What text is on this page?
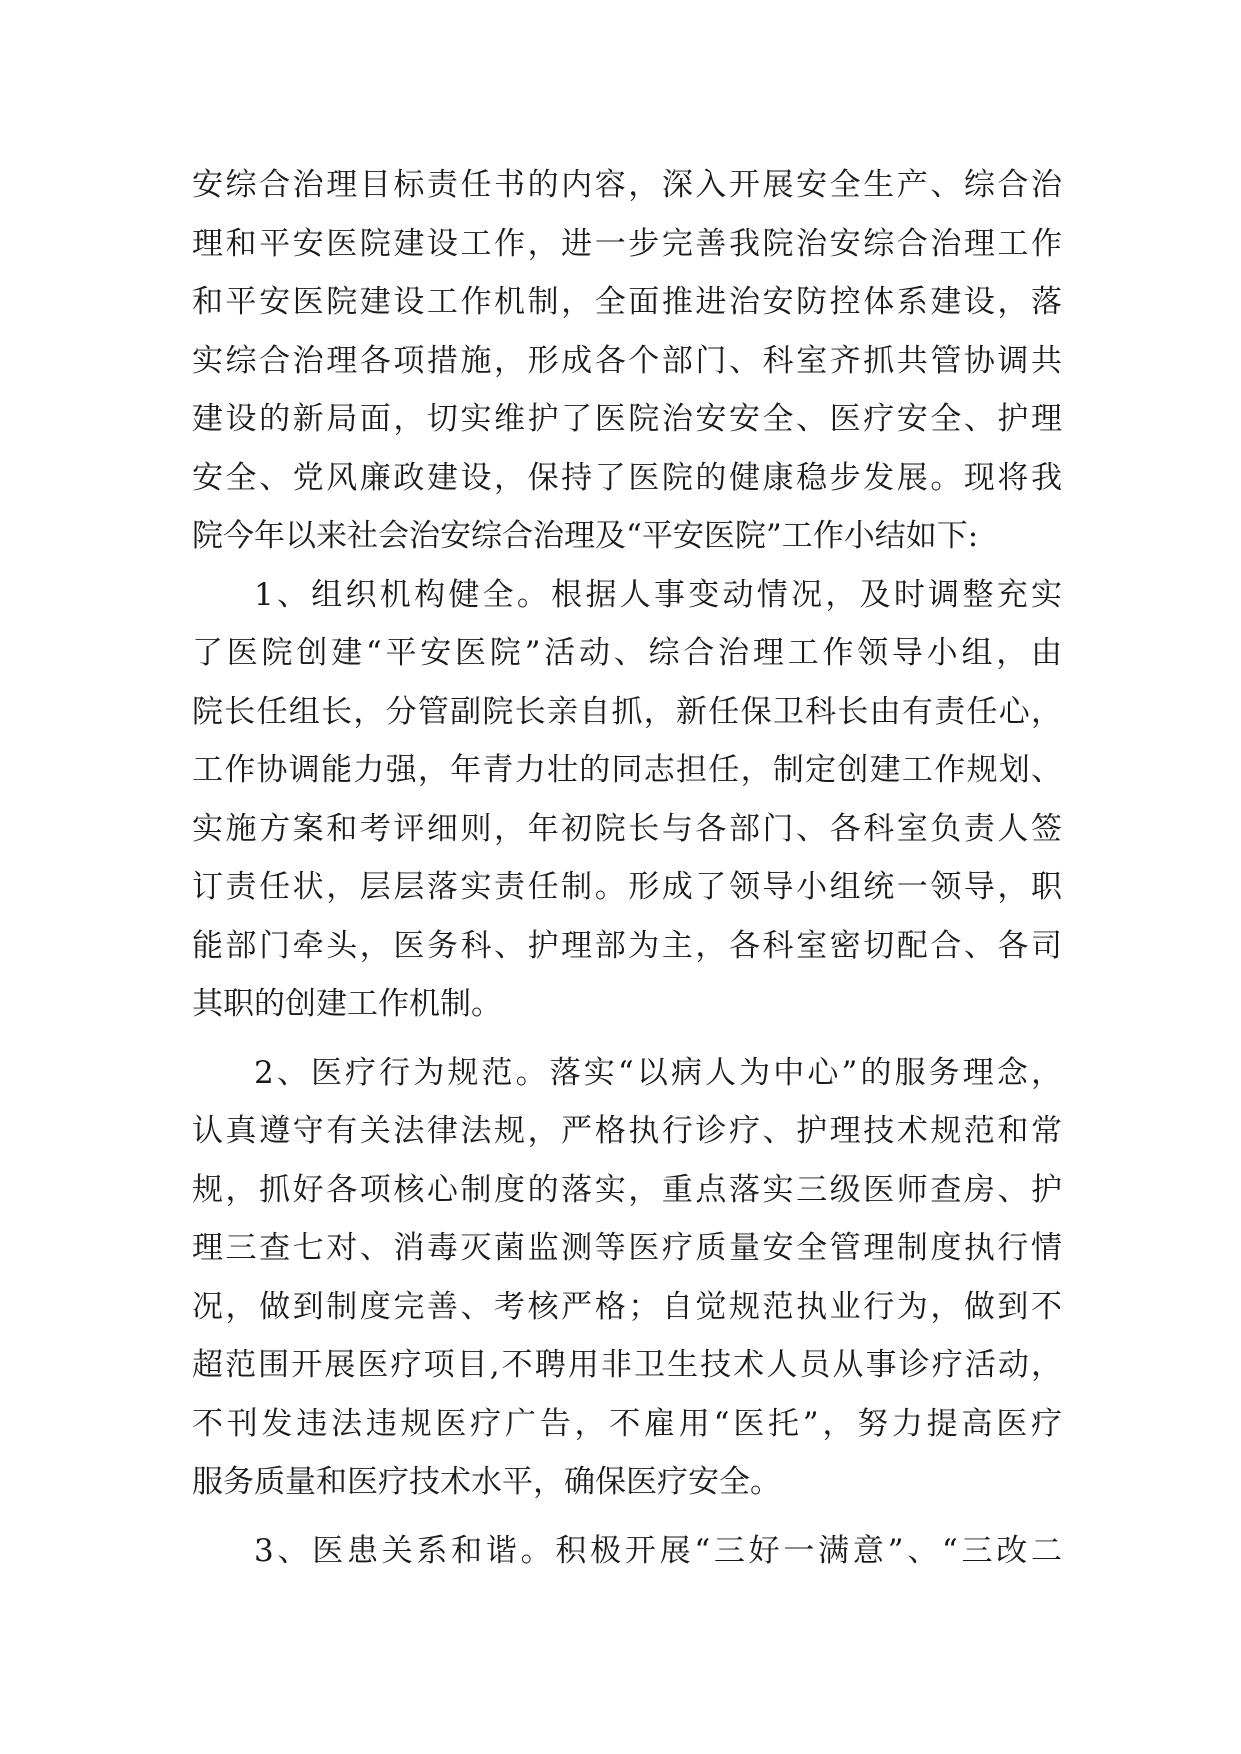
安综合治理目标责任书的内容，深入开展安全生产、综合治
理和平安医院建设工作，进一步完善我院治安综合治理工作
和平安医院建设工作机制，全面推进治安防控体系建设，落
实综合治理各项措施，形成各个部门、科室齐抓共管协调共
建设的新局面，切实维护了医院治安安全、医疗安全、护理
安全、党风廉政建设，保持了医院的健康稳步发展。现将我
院今年以来社会治安综合治理及“平安医院”工作小结如下:
1、组织机构健全。根据人事变动情况，及时调整充实
了医院创建“平安医院”活动、综合治理工作领导小组，由
院长任组长，分管副院长亲自抓，新任保卫科长由有责任心，
工作协调能力强，年青力壮的同志担任，制定创建工作规划、
实施方案和考评细则，年初院长与各部门、各科室负责人签
订责任状，层层落实责任制。形成了领导小组统一领导，职
能部门牵头，医务科、护理部为主，各科室密切配合、各司
其职的创建工作机制。
2、医疗行为规范。落实“以病人为中心”的服务理念，
认真遵守有关法律法规，严格执行诊疗、护理技术规范和常
规，抓好各项核心制度的落实，重点落实三级医师查房、护
理三查七对、消毒灭菌监测等医疗质量安全管理制度执行情
况，做到制度完善、考核严格；自觉规范执业行为，做到不
超范围开展医疗项目,不聘用非卫生技术人员从事诊疗活动，
不刊发违法违规医疗广告，不雇用“医托”，努力提高医疗
服务质量和医疗技术水平，确保医疗安全。
3、医患关系和谐。积极开展“三好一满意”、“三改二
